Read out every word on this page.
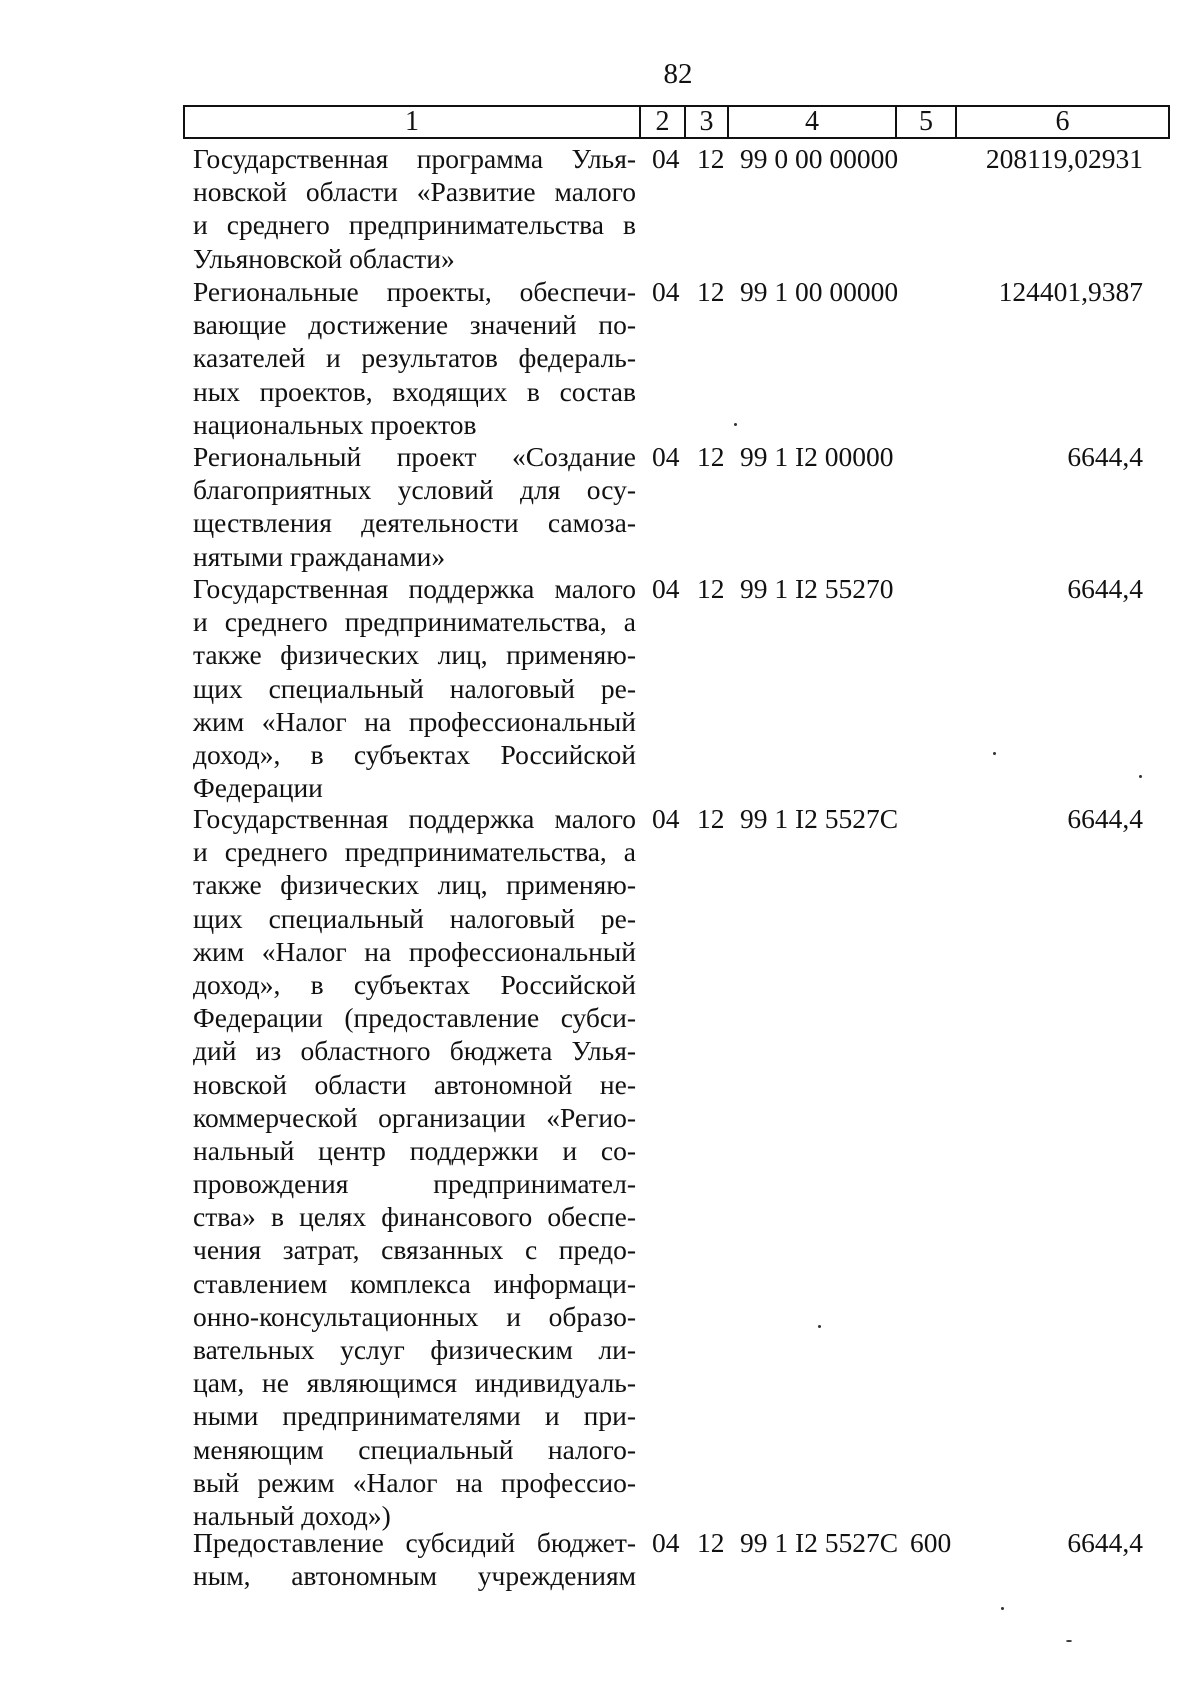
82
1	2	3	4	5	6
Государственная программа Улья-
новской области «Развитие малого
и среднего предпринимательства в
Ульяновской области»
04 12 99 0 00 00000	208119,02931
Региональные проекты, обеспечи-
вающие достижение значений по-
казателей и результатов федераль-
ных проектов, входящих в состав
национальных проектов
04 12 99 1 00 00000	124401,9387
Региональный проект «Создание
благоприятных условий для осу-
ществления деятельности самоза-
нятыми гражданами»
04 12 99 1 I2 00000	6644,4
Государственная поддержка малого
и среднего предпринимательства, а
также физических лиц, применяю-
щих специальный налоговый ре-
жим «Налог на профессиональный
доход», в субъектах Российской
Федерации
04 12 99 1 I2 55270	6644,4
Государственная поддержка малого
и среднего предпринимательства, а
также физических лиц, применяю-
щих специальный налоговый ре-
жим «Налог на профессиональный
доход», в субъектах Российской
Федерации (предоставление субси-
дий из областного бюджета Улья-
новской области автономной не-
коммерческой организации «Регио-
нальный центр поддержки и со-
провождения предпринимател-
ства» в целях финансового обеспе-
чения затрат, связанных с предо-
ставлением комплекса информаци-
онно-консультационных и образо-
вательных услуг физическим ли-
цам, не являющимся индивидуаль-
ными предпринимателями и при-
меняющим специальный налого-
вый режим «Налог на профессио-
нальный доход»)
04 12 99 1 I2 5527C	6644,4
Предоставление субсидий бюджет-
ным, автономным учреждениям
04 12 99 1 I2 5527C 600	6644,4
